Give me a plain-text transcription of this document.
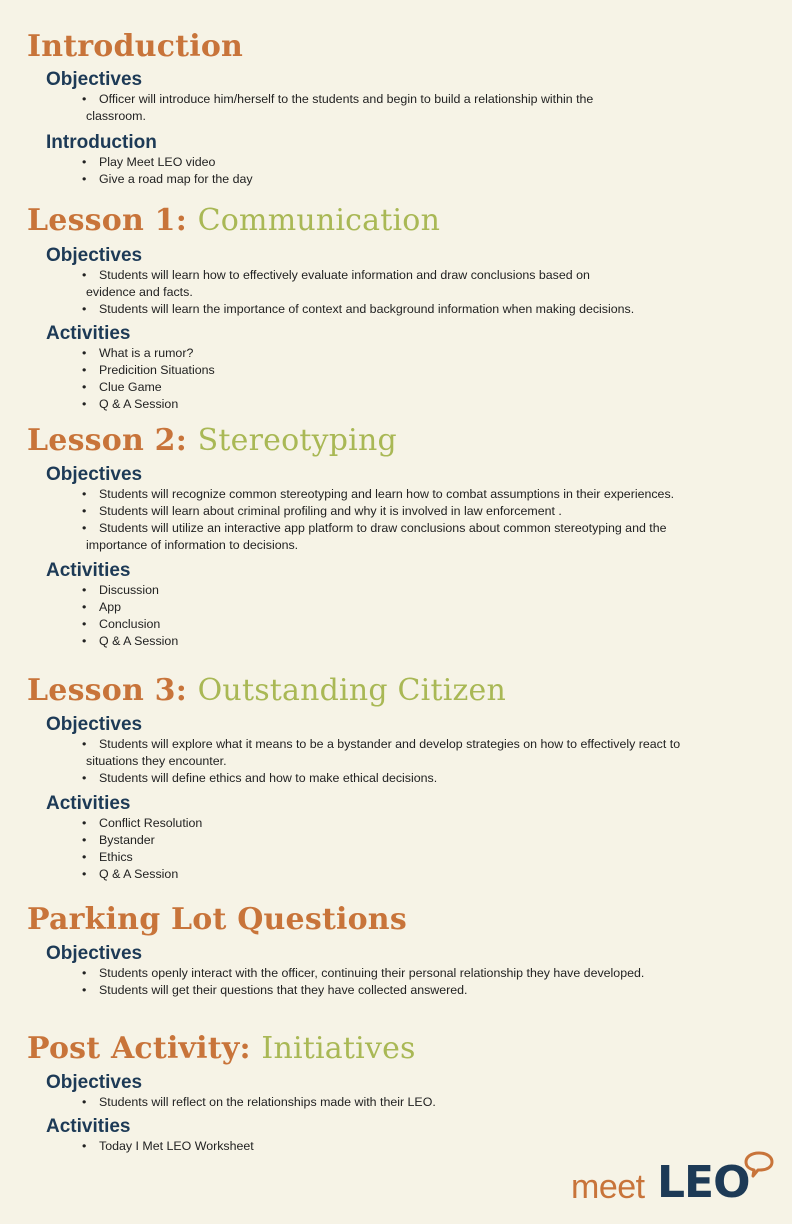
Introduction
Objectives
• Officer will introduce him/herself to the students and begin to build a relationship within the
classroom.
Introduction
• Play Meet LEO video
• Give a road map for the day
Lesson 1: Communication
Objectives
• Students will learn how to effectively evaluate information and draw conclusions based on
evidence and facts.
• Students will learn the importance of context and background information when making decisions.
Activities
• What is a rumor?
• Predicition Situations
• Clue Game
• Q & A Session
Lesson 2: Stereotyping
Objectives
• Students will recognize common stereotyping and learn how to combat assumptions in their experiences.
• Students will learn about criminal profiling and why it is involved in law enforcement .
• Students will utilize an interactive app platform to draw conclusions about common stereotyping and the
importance of information to decisions.
Activities
• Discussion
• App
• Conclusion
• Q & A Session
Lesson 3: Outstanding Citizen
Objectives
• Students will explore what it means to be a bystander and develop strategies on how to effectively react to
situations they encounter.
• Students will define ethics and how to make ethical decisions.
Activities
• Conflict Resolution
• Bystander
• Ethics
• Q & A Session
Parking Lot Questions
Objectives
• Students openly interact with the officer, continuing their personal relationship they have developed.
• Students will get their questions that they have collected answered.
Post Activity: Initiatives
Objectives
• Students will reflect on the relationships made with their LEO.
Activities
• Today I Met LEO Worksheet
meet LEO
